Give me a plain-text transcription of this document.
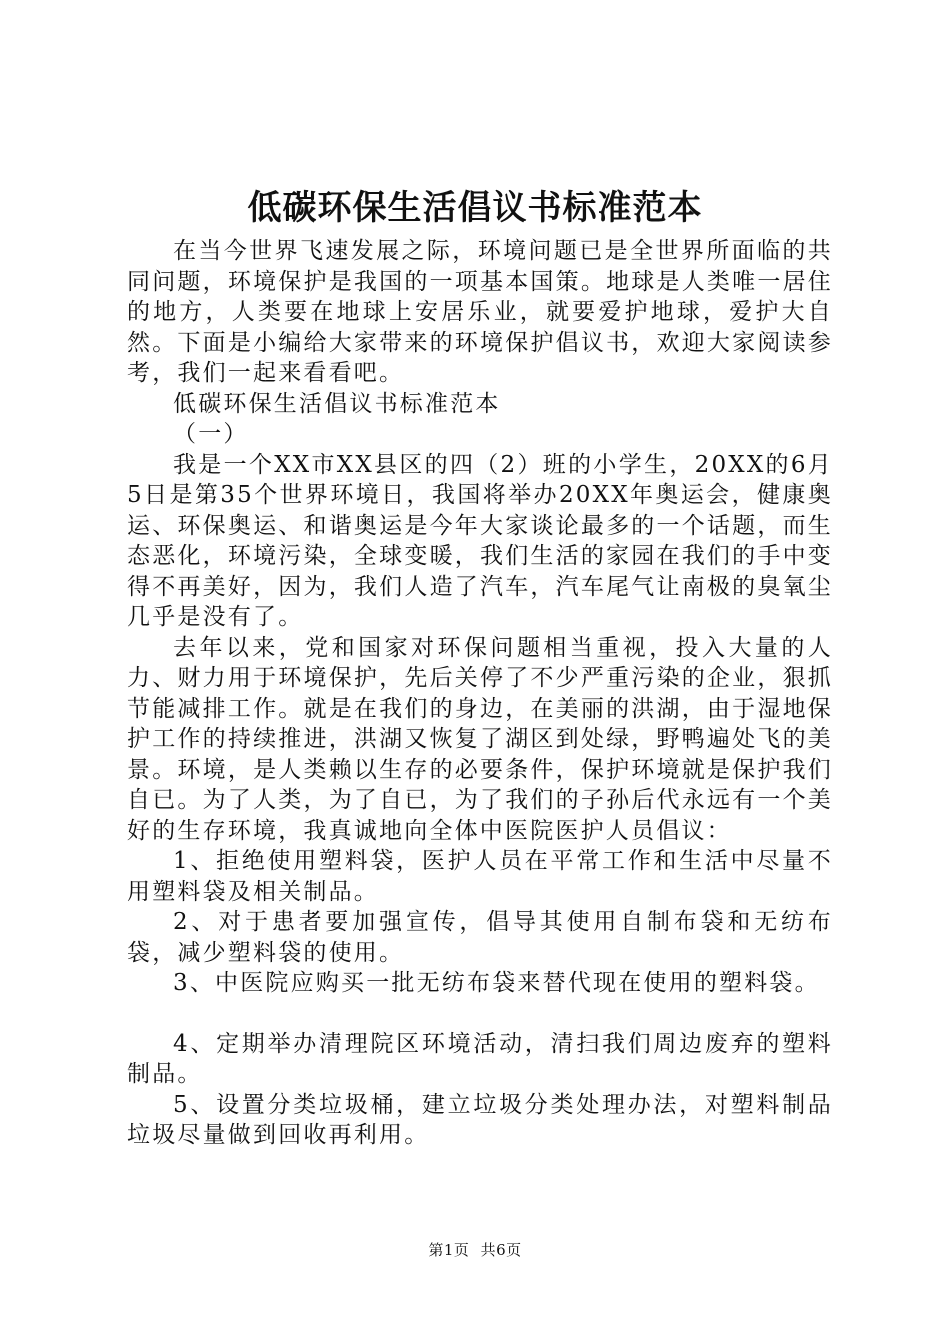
低碳环保生活倡议书标准范本

在当今世界飞速发展之际，环境问题已是全世界所面临的共同问题，环境保护是我国的一项基本国策。地球是人类唯一居住的地方，人类要在地球上安居乐业，就要爱护地球，爱护大自然。下面是小编给大家带来的环境保护倡议书，欢迎大家阅读参考，我们一起来看看吧。

低碳环保生活倡议书标准范本

（一）

我是一个XX市XX县区的四（2）班的小学生，20XX的6月5日是第35个世界环境日，我国将举办20XX年奥运会，健康奥运、环保奥运、和谐奥运是今年大家谈论最多的一个话题，而生态恶化，环境污染，全球变暖，我们生活的家园在我们的手中变得不再美好，因为，我们人造了汽车，汽车尾气让南极的臭氧尘几乎是没有了。

去年以来，党和国家对环保问题相当重视，投入大量的人力、财力用于环境保护，先后关停了不少严重污染的企业，狠抓节能减排工作。就是在我们的身边，在美丽的洪湖，由于湿地保护工作的持续推进，洪湖又恢复了湖区到处绿，野鸭遍处飞的美景。环境，是人类赖以生存的必要条件，保护环境就是保护我们自已。为了人类，为了自已，为了我们的子孙后代永远有一个美好的生存环境，我真诚地向全体中医院医护人员倡议：

1、拒绝使用塑料袋，医护人员在平常工作和生活中尽量不用塑料袋及相关制品。

2、对于患者要加强宣传，倡导其使用自制布袋和无纺布袋，减少塑料袋的使用。

3、中医院应购买一批无纺布袋来替代现在使用的塑料袋。

4、定期举办清理院区环境活动，清扫我们周边废弃的塑料制品。

5、设置分类垃圾桶，建立垃圾分类处理办法，对塑料制品垃圾尽量做到回收再利用。

第1页 共6页
